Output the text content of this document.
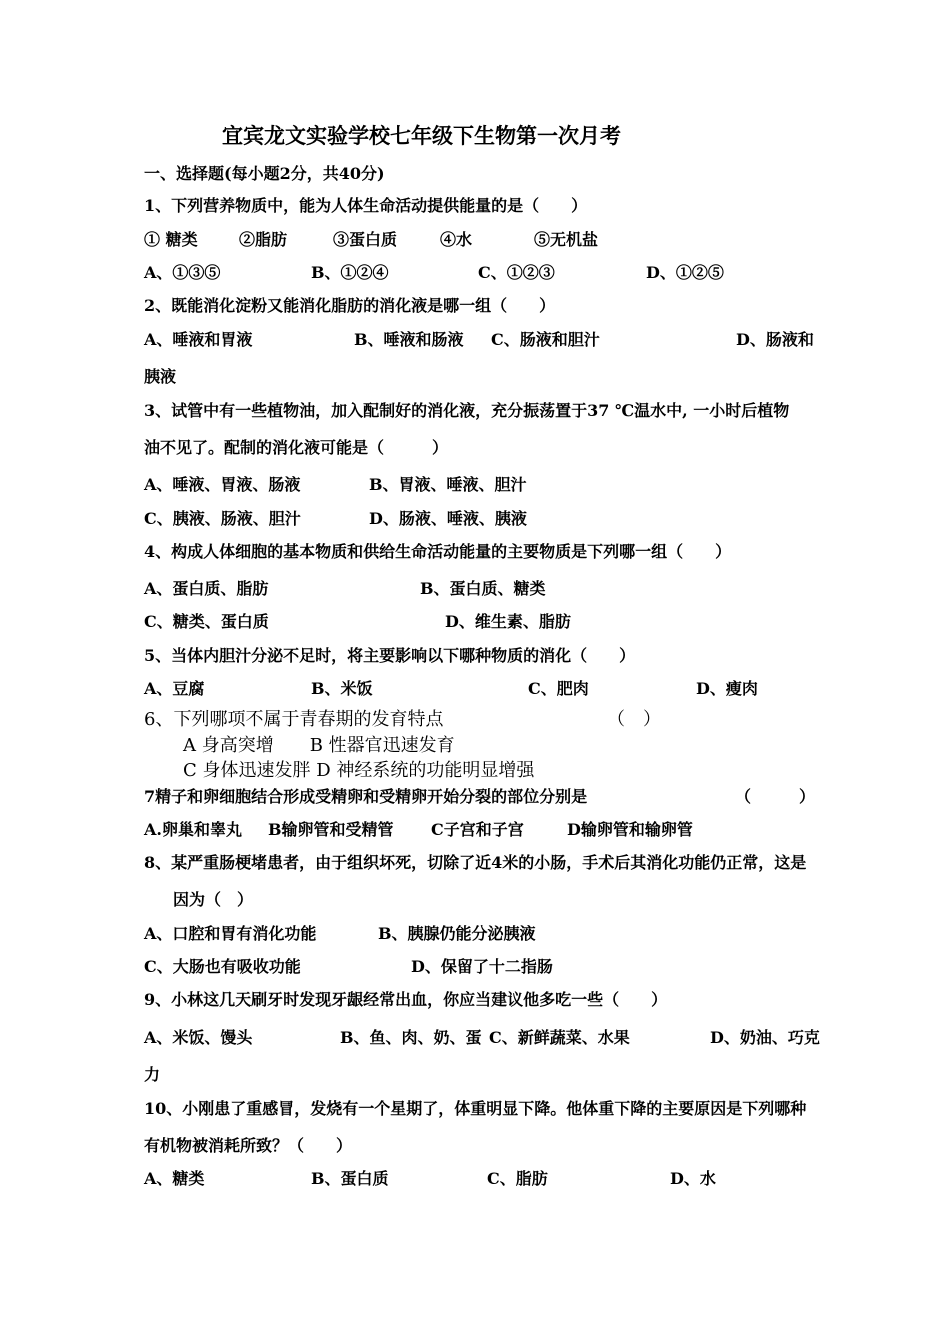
宜宾龙文实验学校七年级下生物第一次月考
一、选择题(每小题2分，共40分)
1、下列营养物质中，能为人体生命活动提供能量的是（　　）
① 糖类	②脂肪	③蛋白质	④水	⑤无机盐
A、①③⑤	B、①②④	C、①②③	D、①②⑤
2、既能消化淀粉又能消化脂肪的消化液是哪一组（　　）
A、唾液和胃液	B、唾液和肠液 C、肠液和胆汁	D、肠液和
胰液
3、试管中有一些植物油，加入配制好的消化液，充分振荡置于37 ℃温水中, 一小时后植物
油不见了。配制的消化液可能是（　　　）
A、唾液、胃液、肠液	B、胃液、唾液、胆汁
C、胰液、肠液、胆汁	D、肠液、唾液、胰液
4、构成人体细胞的基本物质和供给生命活动能量的主要物质是下列哪一组（　　）
A、蛋白质、脂肪	B、蛋白质、糖类
C、糖类、蛋白质	D、维生素、脂肪
5、当体内胆汁分泌不足时，将主要影响以下哪种物质的消化（　　）
A、豆腐	B、米饭	C、肥肉	D、瘦肉
6、下列哪项不属于青春期的发育特点	（　）
A 身高突增　　B 性器官迅速发育
C 身体迅速发胖 D 神经系统的功能明显增强
7精子和卵细胞结合形成受精卵和受精卵开始分裂的部位分别是	（　　　）
A.卵巢和睾丸 B输卵管和受精管 C子宫和子宫	D输卵管和输卵管
8、某严重肠梗堵患者，由于组织坏死，切除了近4米的小肠，手术后其消化功能仍正常，这是
因为（　）
A、口腔和胃有消化功能	B、胰腺仍能分泌胰液
C、大肠也有吸收功能	D、保留了十二指肠
9、小林这几天刷牙时发现牙龈经常出血，你应当建议他多吃一些（　　）
A、米饭、馒头	B、鱼、肉、奶、蛋 C、新鲜蔬菜、水果	D、奶油、巧克
力
10、小刚患了重感冒，发烧有一个星期了，体重明显下降。他体重下降的主要原因是下列哪种
有机物被消耗所致？（　　）
A、糖类	B、蛋白质	C、脂肪	D、水
